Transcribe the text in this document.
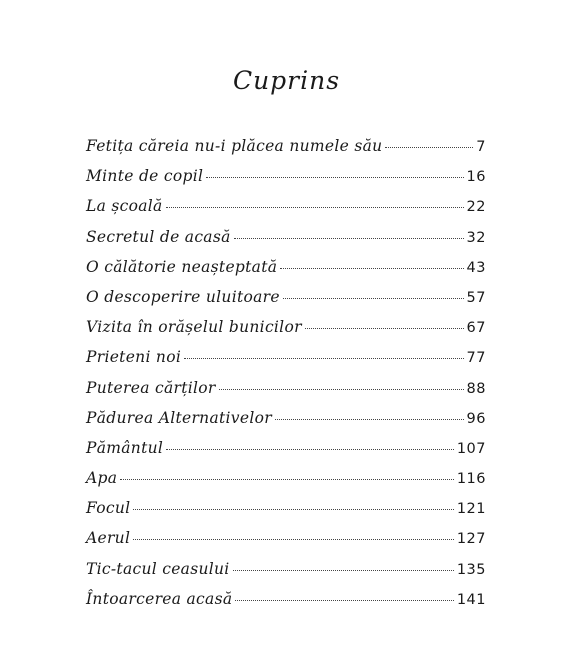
Cuprins
Fetița căreia nu-i plăcea numele său	7
Minte de copil	16
La școală	22
Secretul de acasă	32
O călătorie neașteptată	43
O descoperire uluitoare	57
Vizita în orășelul bunicilor	67
Prieteni noi	77
Puterea cărților	88
Pădurea Alternativelor	96
Pământul	107
Apa	116
Focul	121
Aerul	127
Tic-tacul ceasului	135
Întoarcerea acasă	141
